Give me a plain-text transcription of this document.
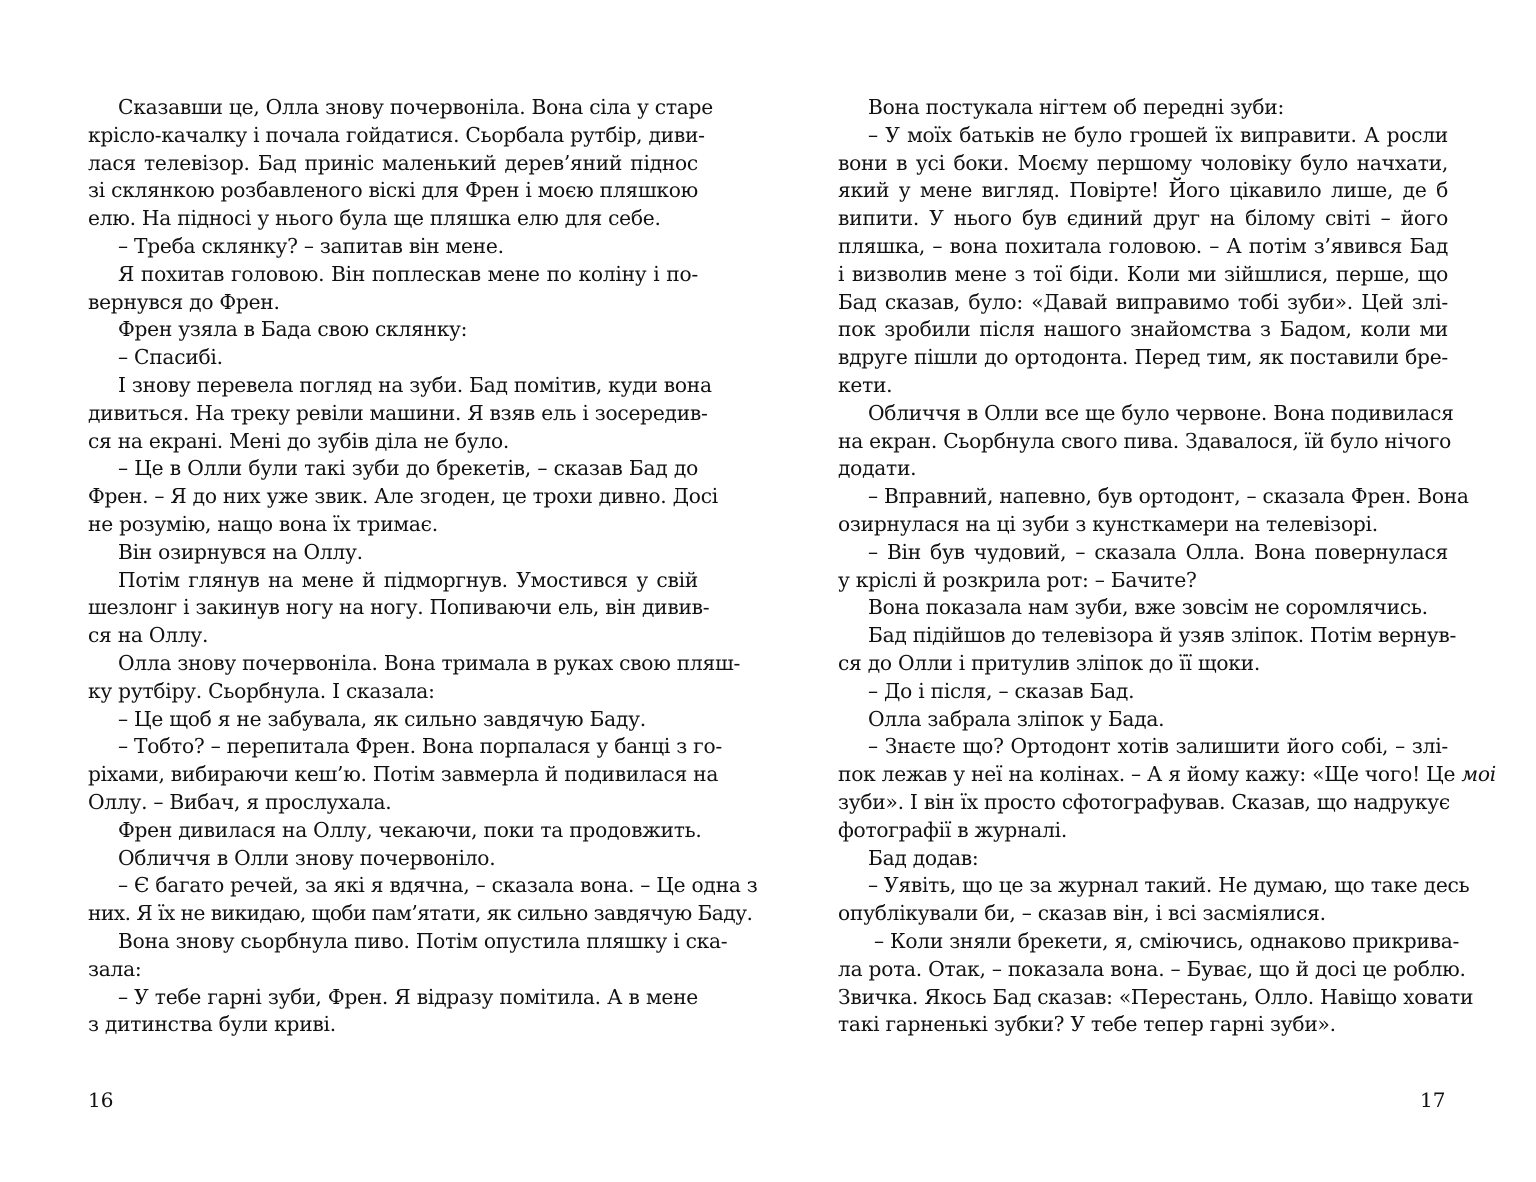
Сказавши це, Олла знову почервоніла. Вона сіла у старе
крісло-качалку і почала гойдатися. Сьорбала рутбір, диви-
лася телевізор. Бад приніс маленький дерев’яний піднос
зі склянкою розбавленого віскі для Френ і моєю пляшкою
елю. На підносі у нього була ще пляшка елю для себе.
– Треба склянку? – запитав він мене.
Я похитав головою. Він поплескав мене по коліну і по-
вернувся до Френ.
Френ узяла в Бада свою склянку:
– Спасибі.
І знову перевела погляд на зуби. Бад помітив, куди вона
дивиться. На треку ревіли машини. Я взяв ель і зосередив-
ся на екрані. Мені до зубів діла не було.
– Це в Олли були такі зуби до брекетів, – сказав Бад до
Френ. – Я до них уже звик. Але згоден, це трохи дивно. Досі
не розумію, нащо вона їх тримає.
Він озирнувся на Оллу.
Потім глянув на мене й підморгнув. Умостився у свій
шезлонг і закинув ногу на ногу. Попиваючи ель, він дивив-
ся на Оллу.
Олла знову почервоніла. Вона тримала в руках свою пляш-
ку рутбіру. Сьорбнула. І сказала:
– Це щоб я не забувала, як сильно завдячую Баду.
– Тобто? – перепитала Френ. Вона порпалася у банці з го-
ріхами, вибираючи кеш’ю. Потім завмерла й подивилася на
Оллу. – Вибач, я прослухала.
Френ дивилася на Оллу, чекаючи, поки та продовжить.
Обличчя в Олли знову почервоніло.
– Є багато речей, за які я вдячна, – сказала вона. – Це одна з
них. Я їх не викидаю, щоби пам’ятати, як сильно завдячую Баду.
Вона знову сьорбнула пиво. Потім опустила пляшку і ска-
зала:
– У тебе гарні зуби, Френ. Я відразу помітила. А в мене
з дитинства були криві.
Вона постукала нігтем об передні зуби:
– У моїх батьків не було грошей їх виправити. А росли
вони в усі боки. Моєму першому чоловіку було начхати,
який у мене вигляд. Повірте! Його цікавило лише, де б
випити. У нього був єдиний друг на білому світі – його
пляшка, – вона похитала головою. – А потім з’явився Бад
і визволив мене з тої біди. Коли ми зійшлися, перше, що
Бад сказав, було: «Давай виправимо тобі зуби». Цей злі-
пок зробили після нашого знайомства з Бадом, коли ми
вдруге пішли до ортодонта. Перед тим, як поставили бре-
кети.
Обличчя в Олли все ще було червоне. Вона подивилася
на екран. Сьорбнула свого пива. Здавалося, їй було нічого
додати.
– Вправний, напевно, був ортодонт, – сказала Френ. Вона
озирнулася на ці зуби з кунсткамери на телевізорі.
– Він був чудовий, – сказала Олла. Вона повернулася
у кріслі й розкрила рот: – Бачите?
Вона показала нам зуби, вже зовсім не соромлячись.
Бад підійшов до телевізора й узяв зліпок. Потім вернув-
ся до Олли і притулив зліпок до її щоки.
– До і після, – сказав Бад.
Олла забрала зліпок у Бада.
– Знаєте що? Ортодонт хотів залишити його собі, – злі-
пок лежав у неї на колінах. – А я йому кажу: «Ще чого! Це моі
зуби». І він їх просто сфотографував. Сказав, що надрукує
фотографії в журналі.
Бад додав:
– Уявіть, що це за журнал такий. Не думаю, що таке десь
опублікували би, – сказав він, і всі засміялися.
– Коли зняли брекети, я, сміючись, однаково прикрива-
ла рота. Отак, – показала вона. – Буває, що й досі це роблю.
Звичка. Якось Бад сказав: «Перестань, Олло. Навіщо ховати
такі гарненькі зубки? У тебе тепер гарні зуби».
16	17
